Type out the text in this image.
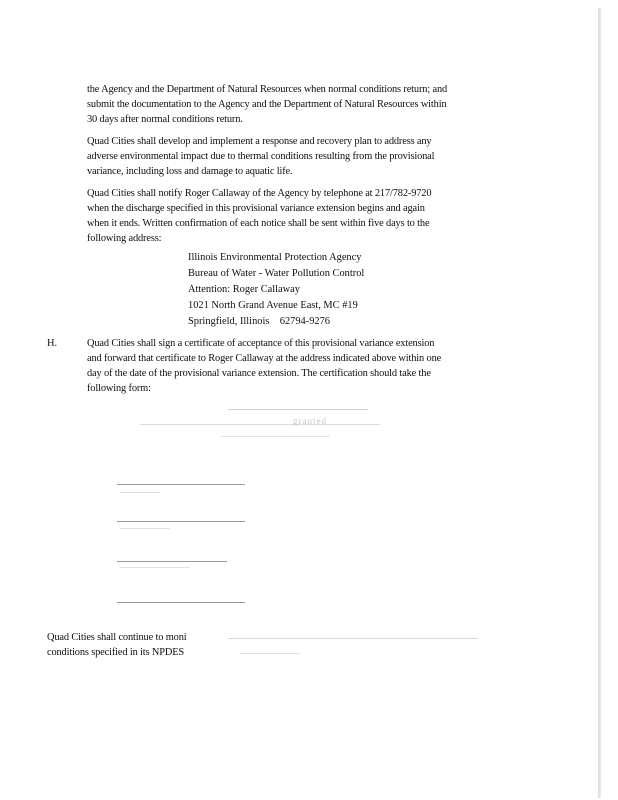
the Agency and the Department of Natural Resources when normal conditions return; and
submit the documentation to the Agency and the Department of Natural Resources within
30 days after normal conditions return.

Quad Cities shall develop and implement a response and recovery plan to address any
adverse environmental impact due to thermal conditions resulting from the provisional
variance, including loss and damage to aquatic life.

Quad Cities shall notify Roger Callaway of the Agency by telephone at 217/782-9720
when the discharge specified in this provisional variance extension begins and again
when it ends. Written confirmation of each notice shall be sent within five days to the
following address:

Illinois Environmental Protection Agency
Bureau of Water - Water Pollution Control
Attention: Roger Callaway
1021 North Grand Avenue East, MC #19
Springfield, Illinois    62794-9276
H.	Quad Cities shall sign a certificate of acceptance of this provisional variance extension
and forward that certificate to Roger Callaway at the address indicated above within one
day of the date of the provisional variance extension. The certification should take the
following form:

granted

Quad Cities shall continue to moni
conditions specified in its NPDES
